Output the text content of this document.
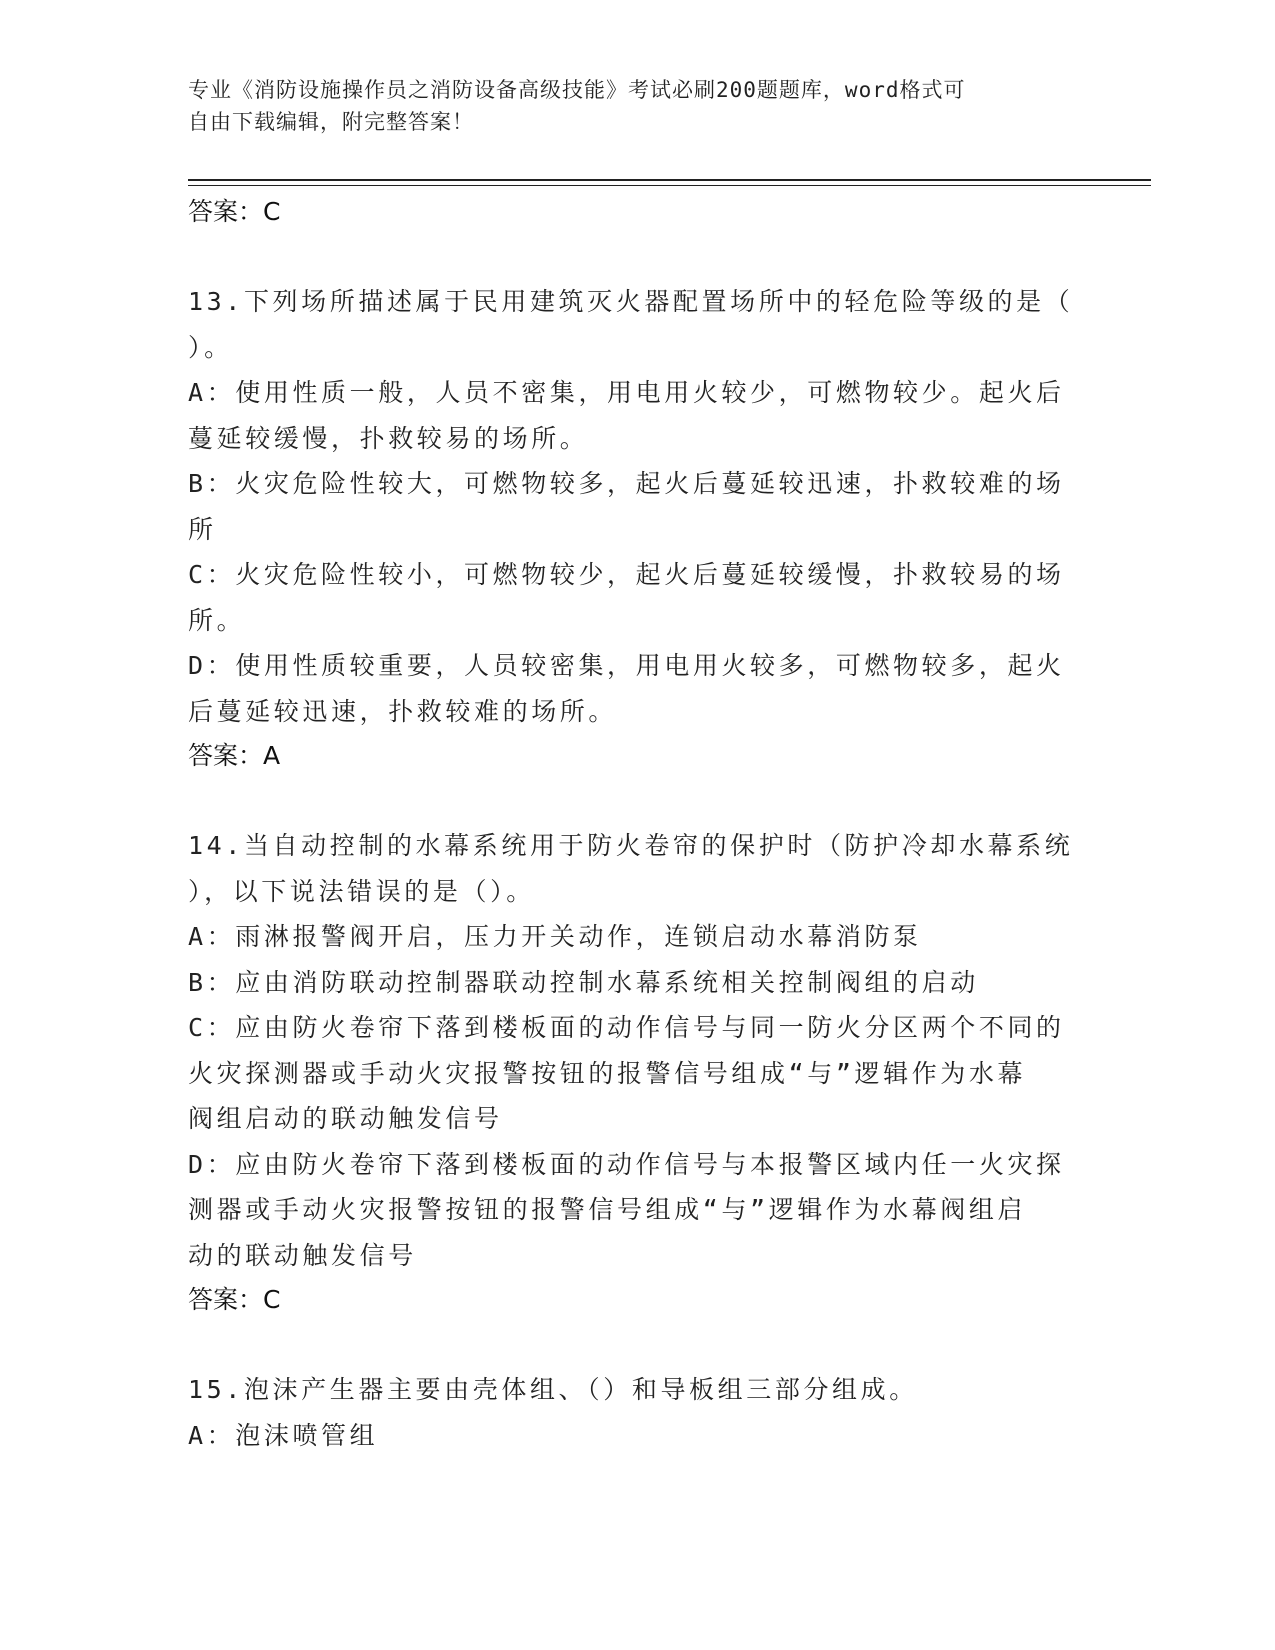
专业《消防设施操作员之消防设备高级技能》考试必刷200题题库，word格式可
自由下载编辑，附完整答案！

答案：C

13.下列场所描述属于民用建筑灭火器配置场所中的轻危险等级的是（

）。

A：使用性质一般，人员不密集，用电用火较少，可燃物较少。起火后

蔓延较缓慢，扑救较易的场所。

B：火灾危险性较大，可燃物较多，起火后蔓延较迅速，扑救较难的场

所

C：火灾危险性较小，可燃物较少，起火后蔓延较缓慢，扑救较易的场

所。

D：使用性质较重要，人员较密集，用电用火较多，可燃物较多，起火

后蔓延较迅速，扑救较难的场所。

答案：A

14.当自动控制的水幕系统用于防火卷帘的保护时（防护冷却水幕系统

），以下说法错误的是（）。

A：雨淋报警阀开启，压力开关动作，连锁启动水幕消防泵

B：应由消防联动控制器联动控制水幕系统相关控制阀组的启动

C：应由防火卷帘下落到楼板面的动作信号与同一防火分区两个不同的

火灾探测器或手动火灾报警按钮的报警信号组成“与”逻辑作为水幕

阀组启动的联动触发信号

D：应由防火卷帘下落到楼板面的动作信号与本报警区域内任一火灾探

测器或手动火灾报警按钮的报警信号组成“与”逻辑作为水幕阀组启

动的联动触发信号

答案：C

15.泡沫产生器主要由壳体组、（）和导板组三部分组成。

A：泡沫喷管组
